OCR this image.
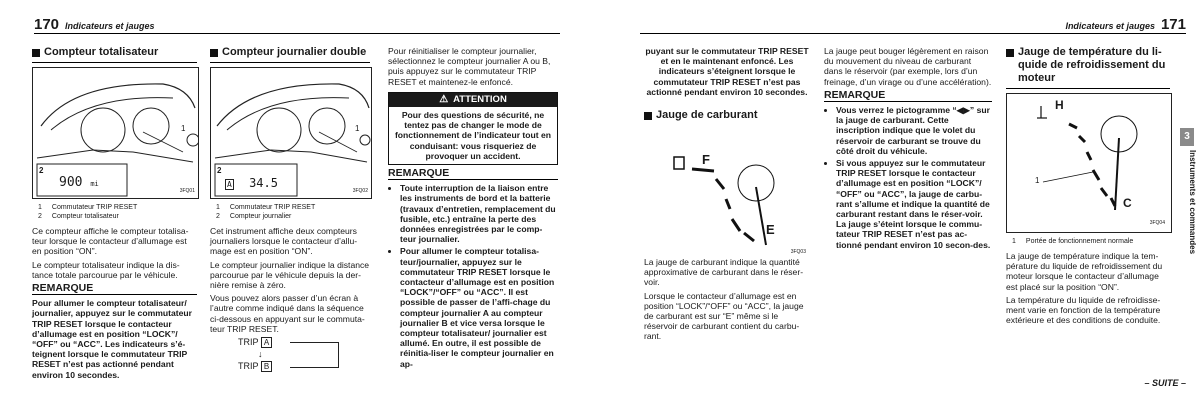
170 Indicateurs et jauges
Compteur totalisateur
1
2
900 mi
3FQ01
1 Commutateur TRIP RESET
2 Compteur totalisateur

Ce compteur affiche le compteur totalisa-teur lorsque le contacteur d’allumage est en position “ON”.

Le compteur totalisateur indique la dis-tance totale parcourue par le véhicule.

REMARQUE

Pour allumer le compteur totalisateur/ journalier, appuyez sur le commutateur TRIP RESET lorsque le contacteur d’allumage est en position “LOCK”/ “OFF” ou “ACC”. Les indicateurs s’é-teignent lorsque le commutateur TRIP RESET n’est pas actionné pendant environ 10 secondes.

Compteur journalier double
1
2
A 34.5
3FQ02
1 Commutateur TRIP RESET
2 Compteur journalier

Cet instrument affiche deux compteurs journaliers lorsque le contacteur d’allu-mage est en position “ON”.

Le compteur journalier indique la distance parcourue par le véhicule depuis la der-nière remise à zéro.

Vous pouvez alors passer d’un écran à l’autre comme indiqué dans la séquence ci-dessous en appuyant sur le commuta-teur TRIP RESET.

TRIP A
↓
TRIP B

Pour réinitialiser le compteur journalier, sélectionnez le compteur journalier A ou B, puis appuyez sur le commutateur TRIP RESET et maintenez-le enfoncé.

⚠ ATTENTION
Pour des questions de sécurité, ne tentez pas de changer le mode de fonctionnement de l’indicateur tout en conduisant: vous risqueriez de provoquer un accident.
REMARQUE
• Toute interruption de la liaison entre les instruments de bord et la batterie (travaux d’entretien, remplacement du fusible, etc.) entraîne la perte des données enregistrées par le comp-teur journalier.
• Pour allumer le compteur totalisa-teur/journalier, appuyez sur le commutateur TRIP RESET lorsque le contacteur d’allumage est en position “LOCK”/“OFF” ou “ACC”. Il est possible de passer de l’affi-chage du compteur journalier A au compteur journalier B et vice versa lorsque le compteur totalisateur/ journalier est allumé. En outre, il est possible de réinitia-liser le compteur journalier en ap-
Indicateurs et jauges 171

puyant sur le commutateur TRIP RESET et en le maintenant enfoncé. Les indicateurs s’éteignent lorsque le commutateur TRIP RESET n’est pas actionné pendant environ 10 secondes.

Jauge de carburant
F
E
3FQ03

La jauge de carburant indique la quantité approximative de carburant dans le réser-voir.

Lorsque le contacteur d’allumage est en position “LOCK”/“OFF” ou “ACC”, la jauge de carburant est sur “E” même si le réservoir de carburant contient du carbu-rant.

La jauge peut bouger légèrement en raison du mouvement du niveau de carburant dans le réservoir (par exemple, lors d’un freinage, d’un virage ou d’une accélération).

REMARQUE
• Vous verrez le pictogramme “◀▶” sur la jauge de carburant. Cette inscription indique que le volet du réservoir de carburant se trouve du côté droit du véhicule.
• Si vous appuyez sur le commutateur TRIP RESET lorsque le contacteur d’allumage est en position “LOCK”/ “OFF” ou “ACC”, la jauge de carbu-rant s’allume et indique la quantité de carburant restant dans le réser-voir. La jauge s’éteint lorsque le commu-tateur TRIP RESET n’est pas ac-tionné pendant environ 10 secon-des.
Jauge de température du li-quide de refroidissement du moteur
H
C
1
3FQ04
1 Portée de fonctionnement normale

La jauge de température indique la tem-pérature du liquide de refroidissement du moteur lorsque le contacteur d’allumage est placé sur la position “ON”.

La température du liquide de refroidisse-ment varie en fonction de la température extérieure et des conditions de conduite.

3
Instruments et commandes
– SUITE –
